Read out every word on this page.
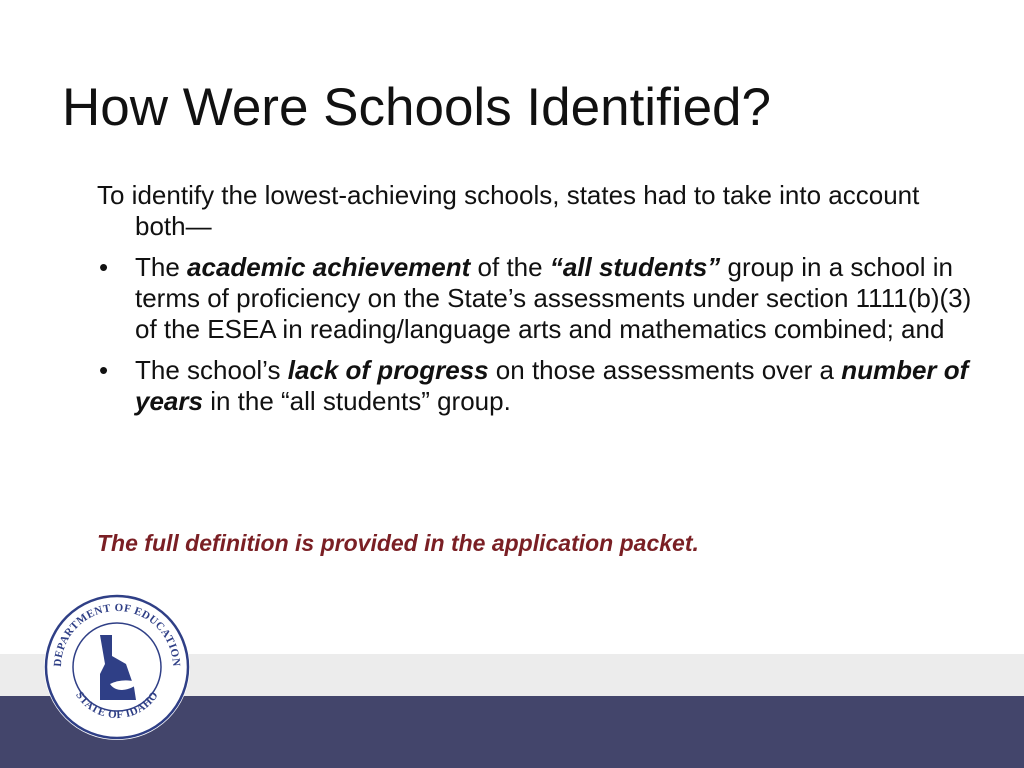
How Were Schools Identified?

To identify the lowest-achieving schools, states had to take into account both—

• The academic achievement of the “all students” group in a school in terms of proficiency on the State’s assessments under section 1111(b)(3) of the ESEA in reading/language arts and mathematics combined; and
• The school’s lack of progress on those assessments over a number of years in the “all students” group.
The full definition is provided in the application packet.
DEPARTMENT OF EDUCATION
STATE OF IDAHO
